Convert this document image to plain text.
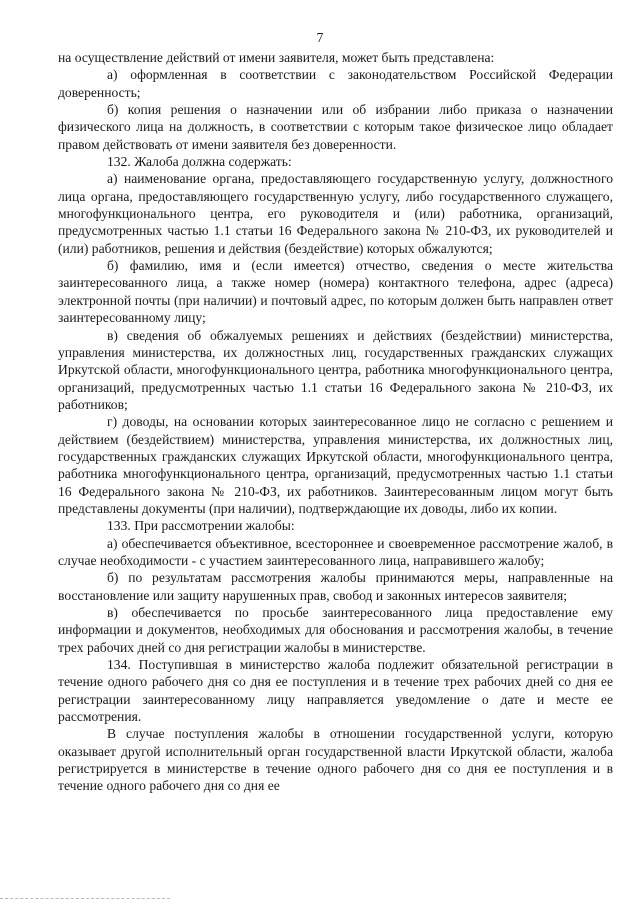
7

на осуществление действий от имени заявителя, может быть представлена:

а) оформленная в соответствии с законодательством Российской Федерации доверенность;

б) копия решения о назначении или об избрании либо приказа о назначении физического лица на должность, в соответствии с которым такое физическое лицо обладает правом действовать от имени заявителя без доверенности.

132. Жалоба должна содержать:

а) наименование органа, предоставляющего государственную услугу, должностного лица органа, предоставляющего государственную услугу, либо государственного служащего, многофункционального центра, его руководителя и (или) работника, организаций, предусмотренных частью 1.1 статьи 16 Федерального закона № 210-ФЗ, их руководителей и (или) работников, решения и действия (бездействие) которых обжалуются;

б) фамилию, имя и (если имеется) отчество, сведения о месте жительства заинтересованного лица, а также номер (номера) контактного телефона, адрес (адреса) электронной почты (при наличии) и почтовый адрес, по которым должен быть направлен ответ заинтересованному лицу;

в) сведения об обжалуемых решениях и действиях (бездействии) министерства, управления министерства, их должностных лиц, государственных гражданских служащих Иркутской области, многофункционального центра, работника многофункционального центра, организаций, предусмотренных частью 1.1 статьи 16 Федерального закона № 210-ФЗ, их работников;

г) доводы, на основании которых заинтересованное лицо не согласно с решением и действием (бездействием) министерства, управления министерства, их должностных лиц, государственных гражданских служащих Иркутской области, многофункционального центра, работника многофункционального центра, организаций, предусмотренных частью 1.1 статьи 16 Федерального закона № 210-ФЗ, их работников. Заинтересованным лицом могут быть представлены документы (при наличии), подтверждающие их доводы, либо их копии.

133. При рассмотрении жалобы:

а) обеспечивается объективное, всестороннее и своевременное рассмотрение жалоб, в случае необходимости - с участием заинтересованного лица, направившего жалобу;

б) по результатам рассмотрения жалобы принимаются меры, направленные на восстановление или защиту нарушенных прав, свобод и законных интересов заявителя;

в) обеспечивается по просьбе заинтересованного лица предоставление ему информации и документов, необходимых для обоснования и рассмотрения жалобы, в течение трех рабочих дней со дня регистрации жалобы в министерстве.

134. Поступившая в министерство жалоба подлежит обязательной регистрации в течение одного рабочего дня со дня ее поступления и в течение трех рабочих дней со дня ее регистрации заинтересованному лицу направляется уведомление о дате и месте ее рассмотрения.

В случае поступления жалобы в отношении государственной услуги, которую оказывает другой исполнительный орган государственной власти Иркутской области, жалоба регистрируется в министерстве в течение одного рабочего дня со дня ее поступления и в течение одного рабочего дня со дня ее
